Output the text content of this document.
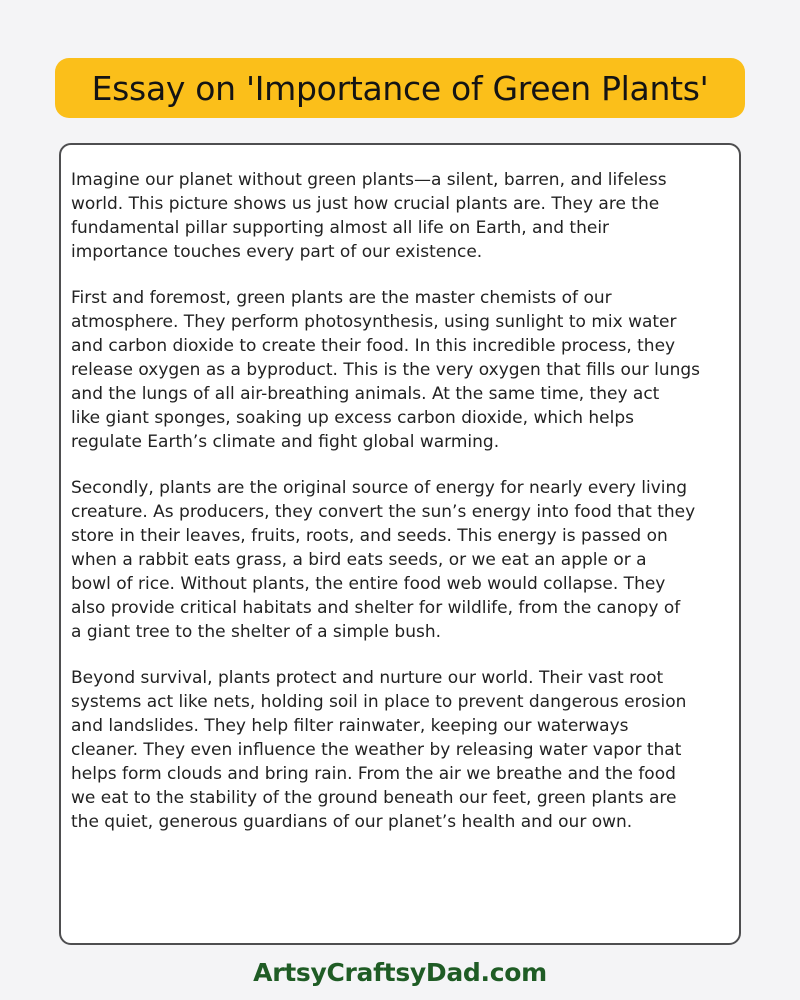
Essay on 'Importance of Green Plants'

Imagine our planet without green plants—a silent, barren, and lifeless
world. This picture shows us just how crucial plants are. They are the
fundamental pillar supporting almost all life on Earth, and their
importance touches every part of our existence.

First and foremost, green plants are the master chemists of our
atmosphere. They perform photosynthesis, using sunlight to mix water
and carbon dioxide to create their food. In this incredible process, they
release oxygen as a byproduct. This is the very oxygen that fills our lungs
and the lungs of all air-breathing animals. At the same time, they act
like giant sponges, soaking up excess carbon dioxide, which helps
regulate Earth’s climate and fight global warming.

Secondly, plants are the original source of energy for nearly every living
creature. As producers, they convert the sun’s energy into food that they
store in their leaves, fruits, roots, and seeds. This energy is passed on
when a rabbit eats grass, a bird eats seeds, or we eat an apple or a
bowl of rice. Without plants, the entire food web would collapse. They
also provide critical habitats and shelter for wildlife, from the canopy of
a giant tree to the shelter of a simple bush.

Beyond survival, plants protect and nurture our world. Their vast root
systems act like nets, holding soil in place to prevent dangerous erosion
and landslides. They help filter rainwater, keeping our waterways
cleaner. They even influence the weather by releasing water vapor that
helps form clouds and bring rain. From the air we breathe and the food
we eat to the stability of the ground beneath our feet, green plants are
the quiet, generous guardians of our planet’s health and our own.

ArtsyCraftsyDad.com
